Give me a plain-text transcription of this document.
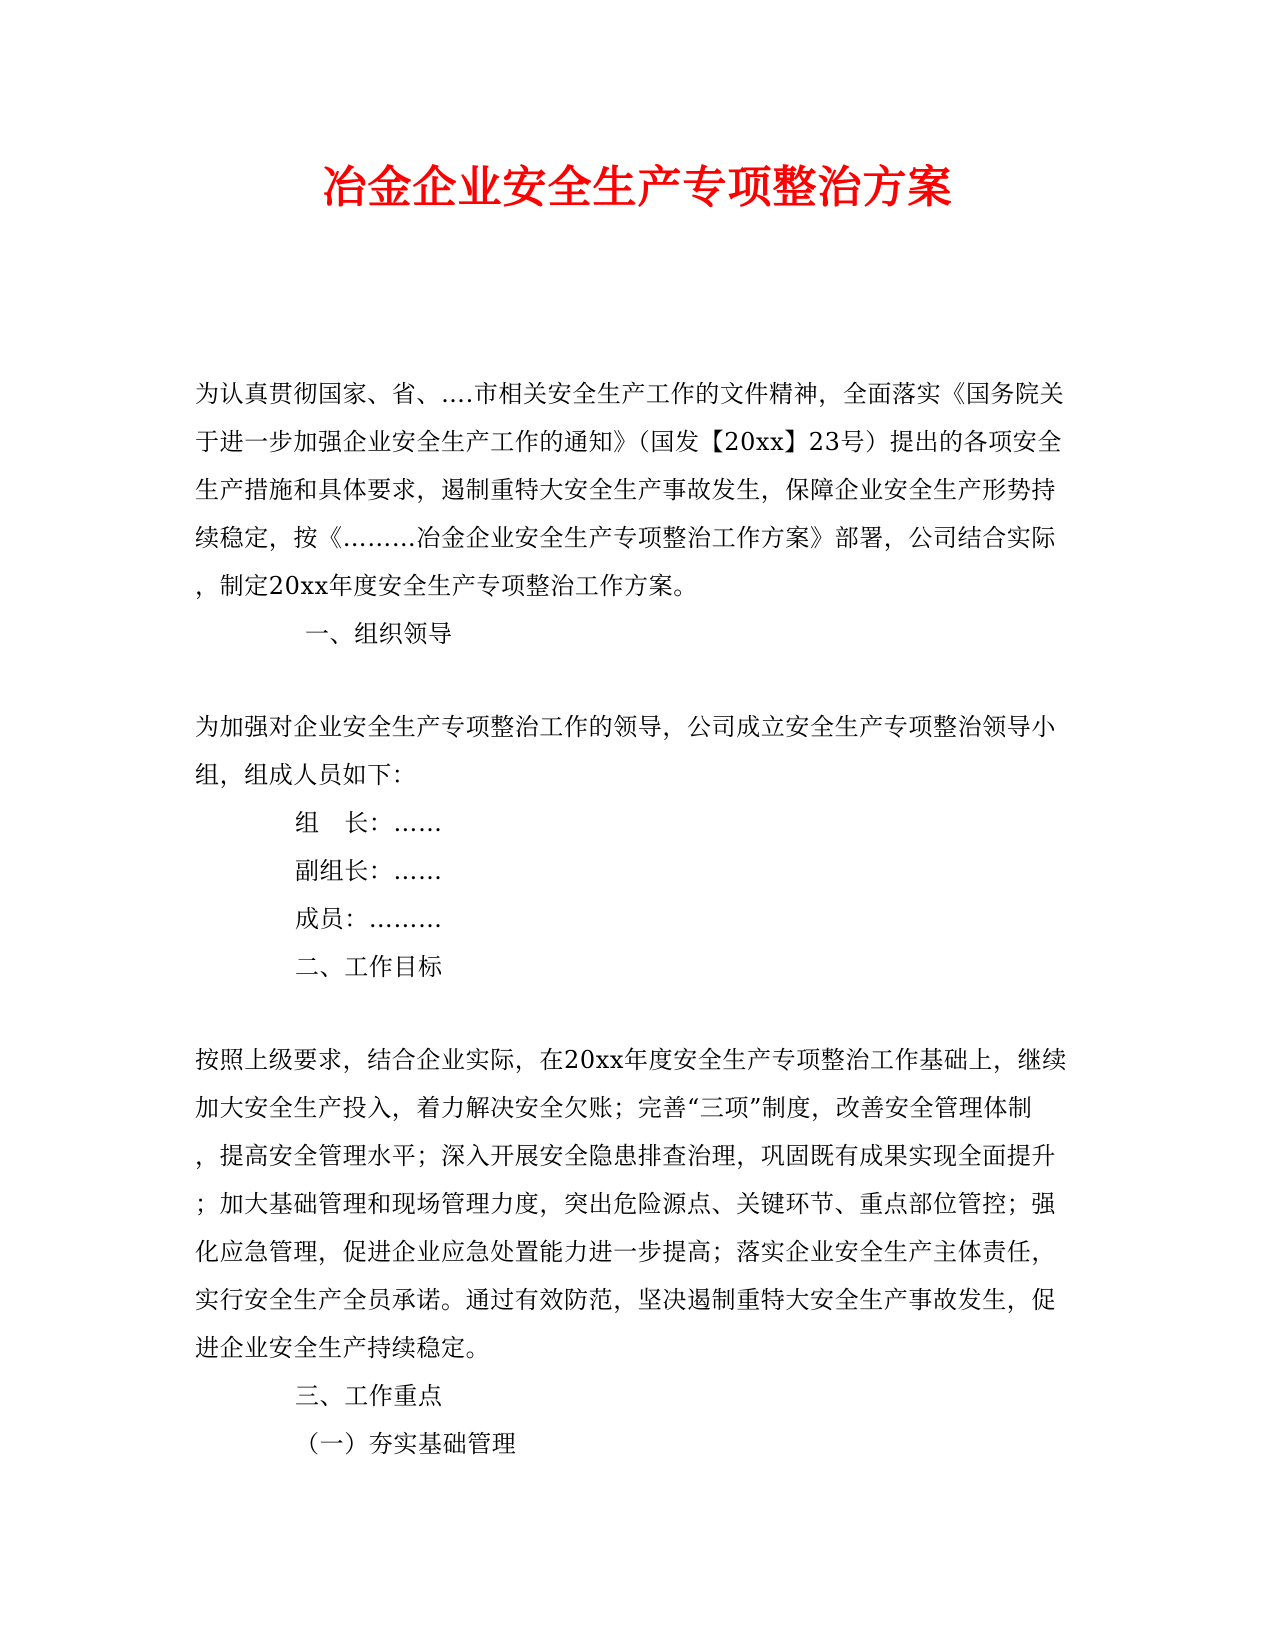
冶金企业安全生产专项整治方案
为认真贯彻国家、省、….市相关安全生产工作的文件精神，全面落实《国务院关
于进一步加强企业安全生产工作的通知》（国发【20xx】23号）提出的各项安全
生产措施和具体要求，遏制重特大安全生产事故发生，保障企业安全生产形势持
续稳定，按《………冶金企业安全生产专项整治工作方案》部署，公司结合实际
，制定20xx年度安全生产专项整治工作方案。
一、组织领导
为加强对企业安全生产专项整治工作的领导，公司成立安全生产专项整治领导小
组，组成人员如下：
组　长：……
副组长：……
成员：………
二、工作目标
按照上级要求，结合企业实际，在20xx年度安全生产专项整治工作基础上，继续
加大安全生产投入，着力解决安全欠账；完善“三项”制度，改善安全管理体制
，提高安全管理水平；深入开展安全隐患排查治理，巩固既有成果实现全面提升
；加大基础管理和现场管理力度，突出危险源点、关键环节、重点部位管控；强
化应急管理，促进企业应急处置能力进一步提高；落实企业安全生产主体责任，
实行安全生产全员承诺。通过有效防范，坚决遏制重特大安全生产事故发生，促
进企业安全生产持续稳定。
三、工作重点
（一）夯实基础管理
